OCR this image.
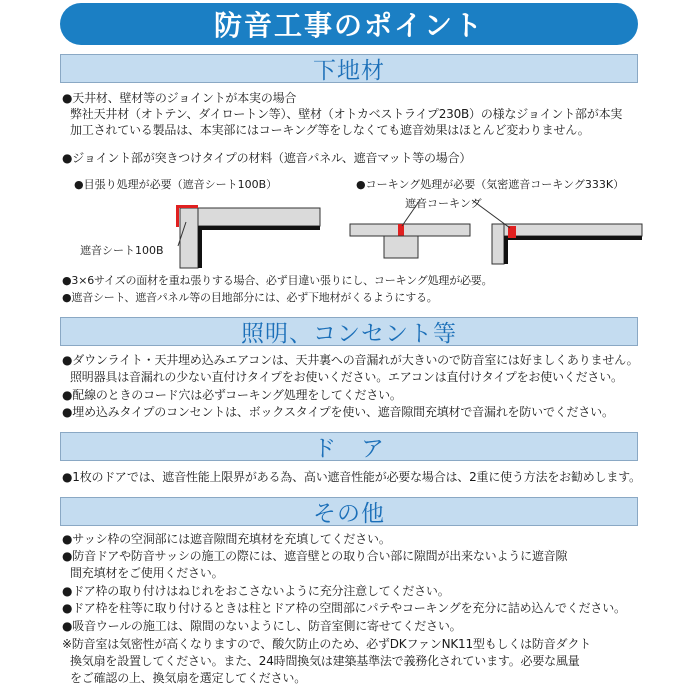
防音工事のポイント
下地材
●天井材、壁材等のジョイントが本実の場合
弊社天井材（オトテン、ダイロートン等）、壁材（オトカベストライプ230B）の様なジョイント部が本実
加工されている製品は、本実部にはコーキング等をしなくても遮音効果はほとんど変わりません。
●ジョイント部が突きつけタイプの材料（遮音パネル、遮音マット等の場合）
●目張り処理が必要（遮音シート100B）	●コーキング処理が必要（気密遮音コーキング333K）
遮音シート100B
遮音コーキング
●3×6サイズの面材を重ね張りする場合、必ず目違い張りにし、コーキング処理が必要。
●遮音シート、遮音パネル等の目地部分には、必ず下地材がくるようにする。
照明、コンセント等
●ダウンライト・天井埋め込みエアコンは、天井裏への音漏れが大きいので防音室には好ましくありません。
照明器具は音漏れの少ない直付けタイプをお使いください。エアコンは直付けタイプをお使いください。
●配線のときのコード穴は必ずコーキング処理をしてください。
●埋め込みタイプのコンセントは、ボックスタイプを使い、遮音隙間充填材で音漏れを防いでください。
ド　ア
●1枚のドアでは、遮音性能上限界がある為、高い遮音性能が必要な場合は、2重に使う方法をお勧めします。
その他
●サッシ枠の空洞部には遮音隙間充填材を充填してください。
●防音ドアや防音サッシの施工の際には、遮音壁との取り合い部に隙間が出来ないように遮音隙
間充填材をご使用ください。
●ドア枠の取り付けはねじれをおこさないように充分注意してください。
●ドア枠を柱等に取り付けるときは柱とドア枠の空間部にパテやコーキングを充分に詰め込んでください。
●吸音ウールの施工は、隙間のないようにし、防音室側に寄せてください。
※防音室は気密性が高くなりますので、酸欠防止のため、必ずDKファンNK11型もしくは防音ダクト
換気扇を設置してください。また、24時間換気は建築基準法で義務化されています。必要な風量
をご確認の上、換気扇を選定してください。
